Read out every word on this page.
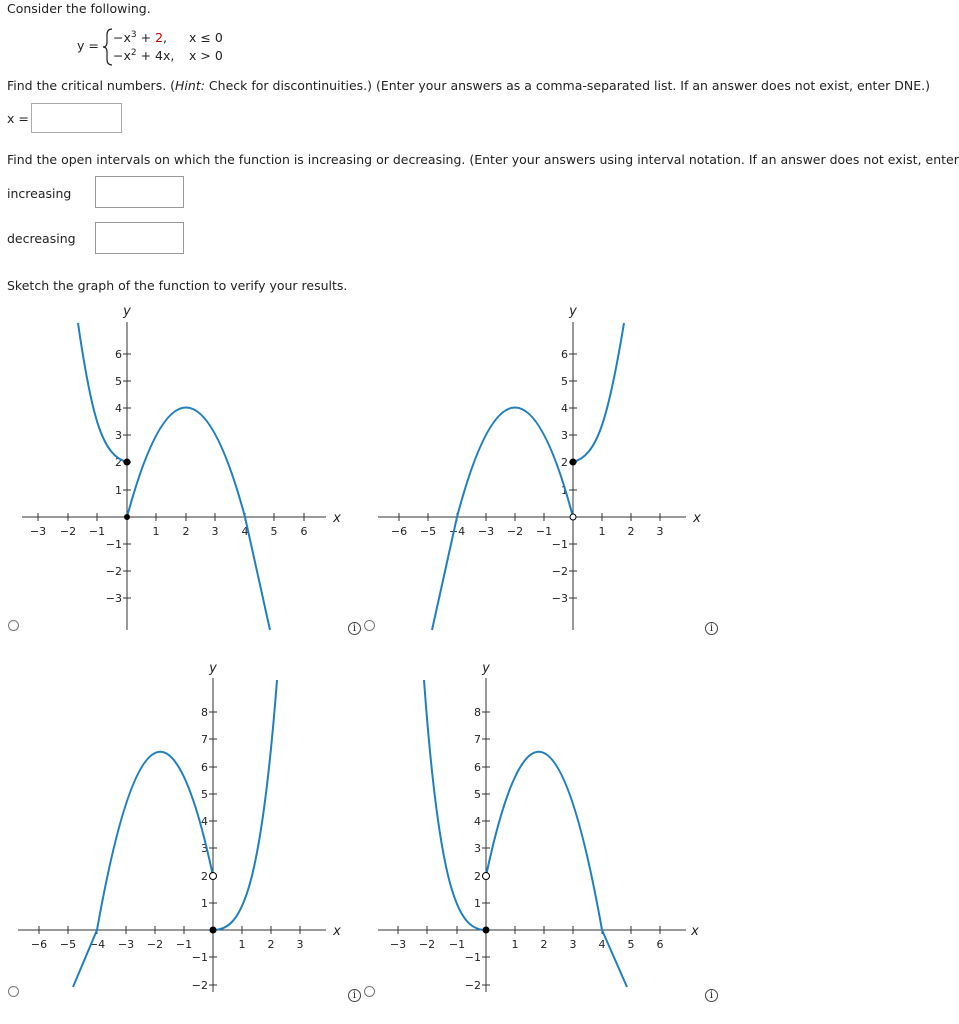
Consider the following.
y =
$-x^3 + 2$, x ≤ 0
$-x^2 + 4x$, x > 0
Find the critical numbers. (Hint: Check for discontinuities.) (Enter your answers as a comma-separated list. If an answer does not exist, enter DNE.)
x =
Find the open intervals on which the function is increasing or decreasing. (Enter your answers using interval notation. If an answer does not exist, enter
increasing
decreasing
Sketch the graph of the function to verify your results.
−3 −2 −1	1 2 3 4 5 6
6
5
4
3
2
1
−1
−2
−3
y
x
i
−6 −5 −4 −3 −2 −1	1 2 3
6
5
4
3
2
1
−1
−2
−3
y
x
i
−6 −5 −4 −3 −2 −1	1 2 3
8
7
6
5
4
3
2
1
−1
−2
y
x
i
−3 −2 −1	1 2 3 4 5 6
8
7
6
5
4
3
2
1
−1
−2
y
x
i
